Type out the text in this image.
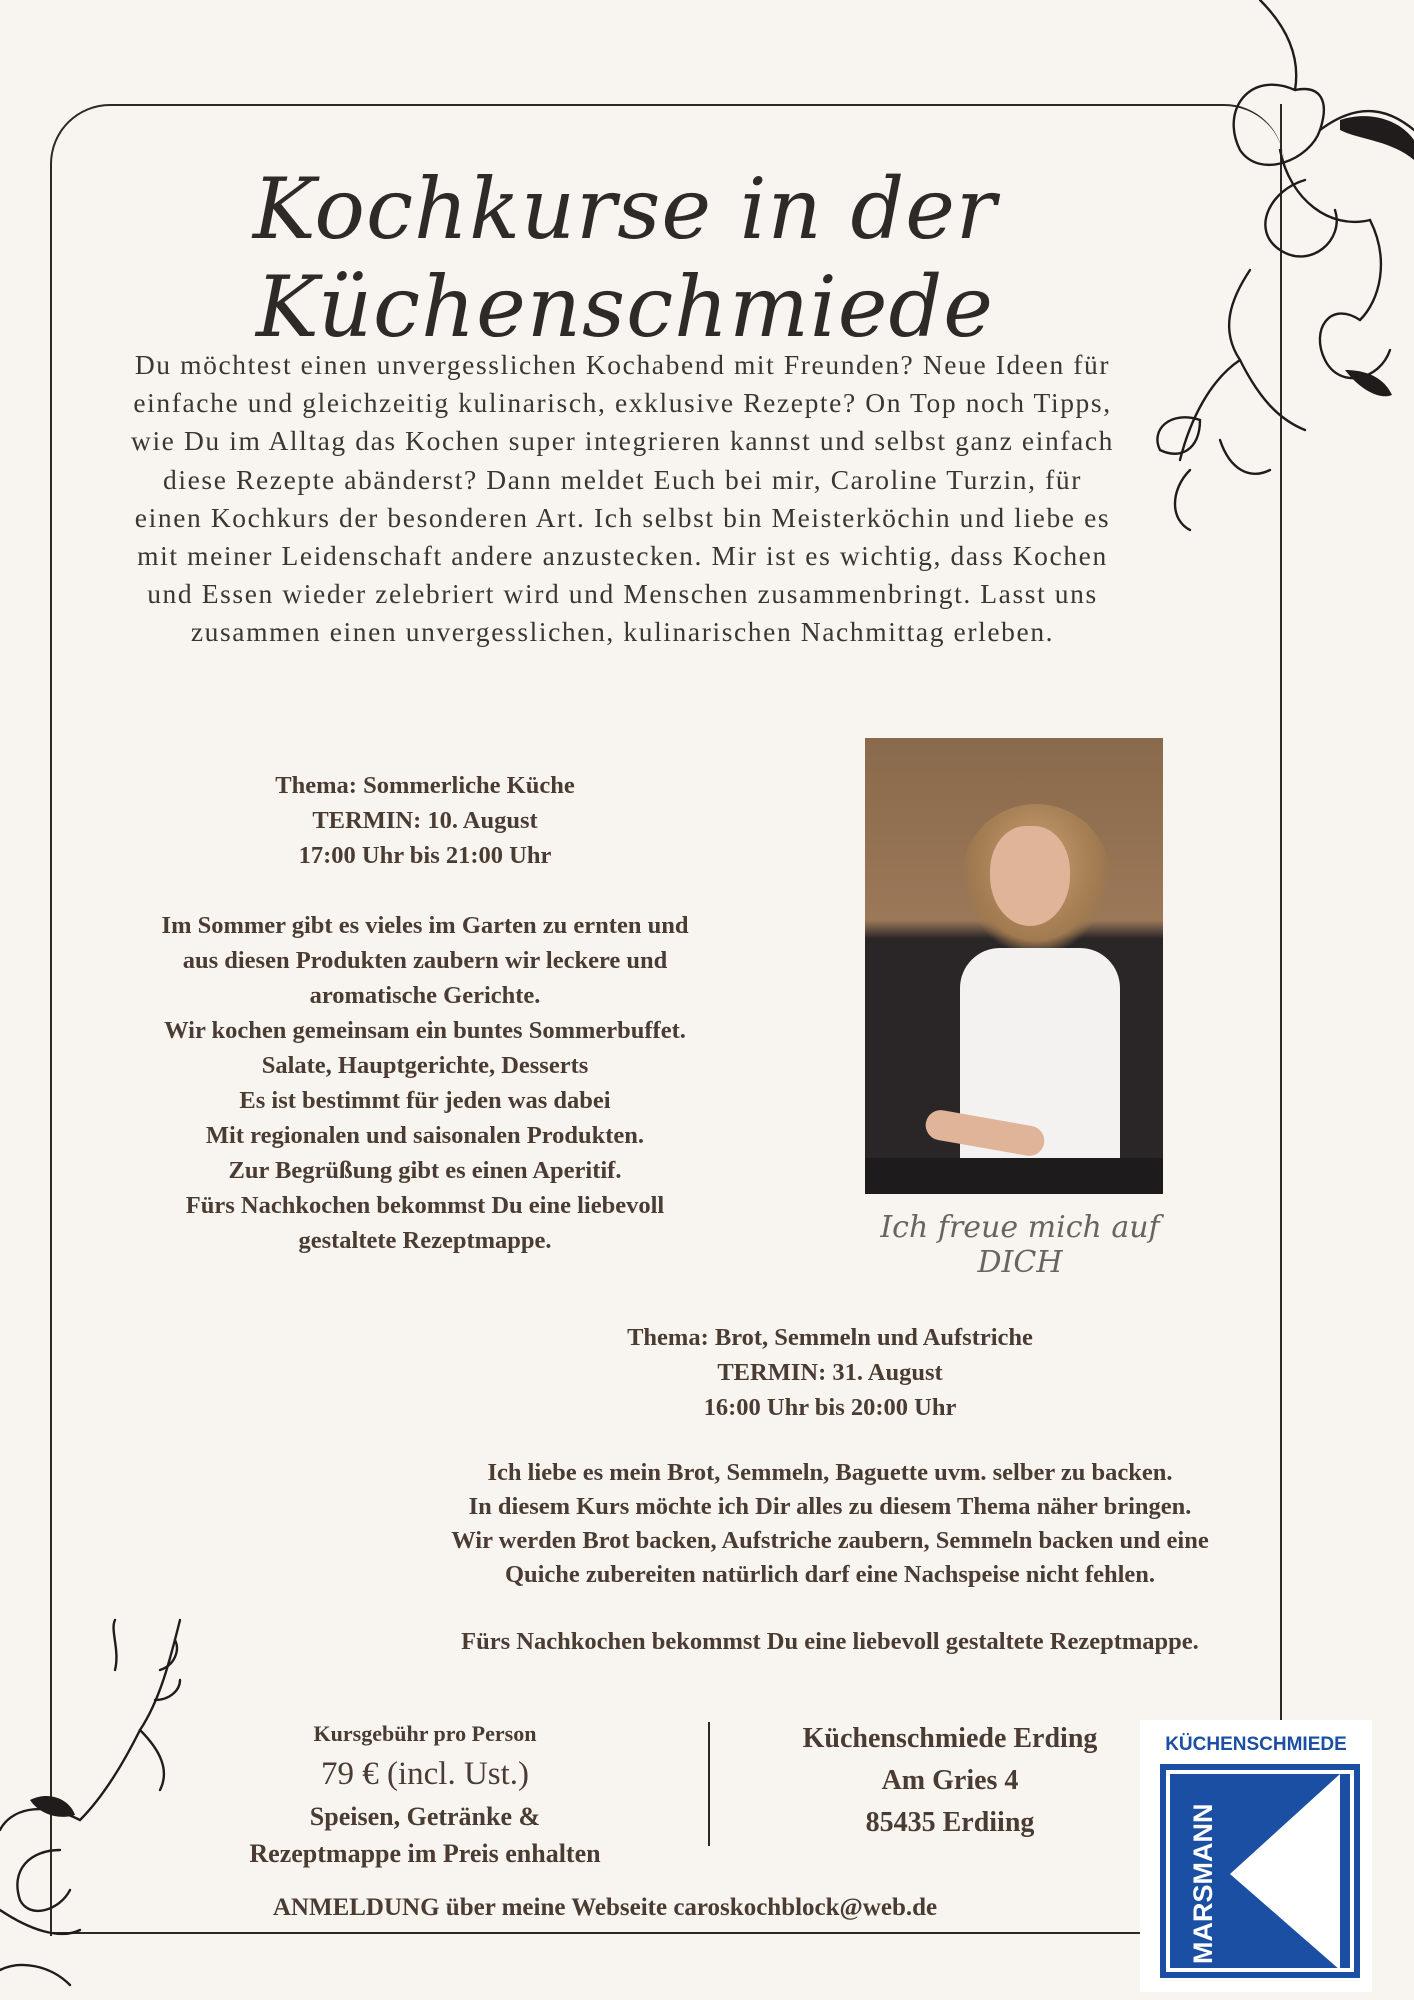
Kochkurse in der Küchenschmiede
Du möchtest einen unvergesslichen Kochabend mit Freunden? Neue Ideen für einfache und gleichzeitig kulinarisch, exklusive Rezepte? On Top noch Tipps, wie Du im Alltag das Kochen super integrieren kannst und selbst ganz einfach diese Rezepte abänderst? Dann meldet Euch bei mir, Caroline Turzin, für einen Kochkurs der besonderen Art. Ich selbst bin Meisterköchin und liebe es mit meiner Leidenschaft andere anzustecken. Mir ist es wichtig, dass Kochen und Essen wieder zelebriert wird und Menschen zusammenbringt. Lasst uns zusammen einen unvergesslichen, kulinarischen Nachmittag erleben.
Thema: Sommerliche Küche
TERMIN: 10. August
17:00 Uhr bis 21:00 Uhr
Im Sommer gibt es vieles im Garten zu ernten und
aus diesen Produkten zaubern wir leckere und
aromatische Gerichte.
Wir kochen gemeinsam ein buntes Sommerbuffet.
Salate, Hauptgerichte, Desserts
Es ist bestimmt für jeden was dabei
Mit regionalen und saisonalen Produkten.
Zur Begrüßung gibt es einen Aperitif.
Fürs Nachkochen bekommst Du eine liebevoll
gestaltete Rezeptmappe.	Ich freue mich auf DICH
Thema: Brot, Semmeln und Aufstriche
TERMIN: 31. August
16:00 Uhr bis 20:00 Uhr
Ich liebe es mein Brot, Semmeln, Baguette uvm. selber zu backen.
In diesem Kurs möchte ich Dir alles zu diesem Thema näher bringen.
Wir werden Brot backen, Aufstriche zaubern, Semmeln backen und eine
Quiche zubereiten natürlich darf eine Nachspeise nicht fehlen.
Fürs Nachkochen bekommst Du eine liebevoll gestaltete Rezeptmappe.
Kursgebühr pro Person
79 € (incl. Ust.)
Speisen, Getränke &
Rezeptmappe im Preis enhalten
Küchenschmiede Erding
Am Gries 4
85435 Erdiing
ANMELDUNG über meine Webseite caroskochblock@web.de
KÜCHENSCHMIEDE
MARSMANN
